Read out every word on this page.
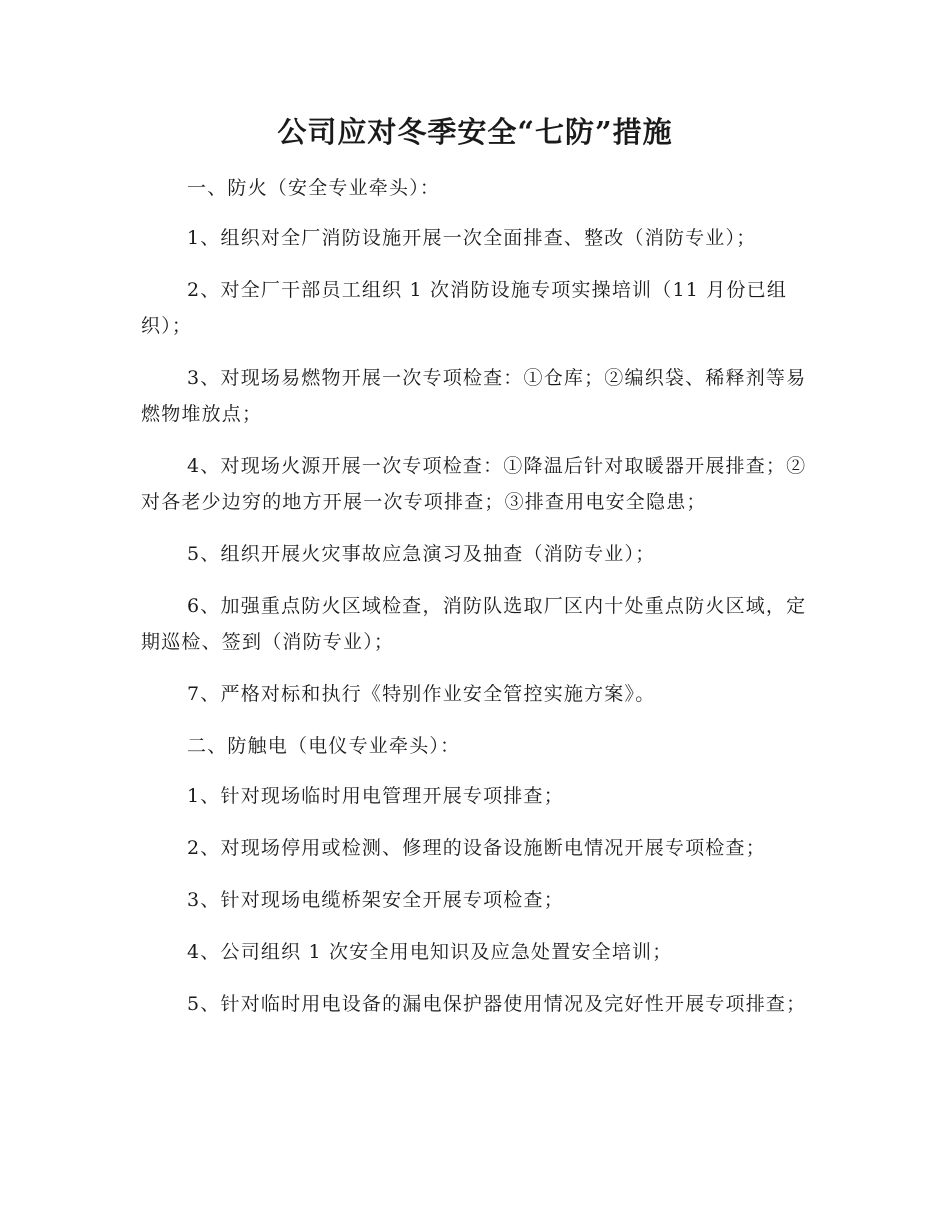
公司应对冬季安全“七防”措施

一、防火（安全专业牵头）：

1、组织对全厂消防设施开展一次全面排查、整改（消防专业）；

2、对全厂干部员工组织 1 次消防设施专项实操培训（11 月份已组织）；

3、对现场易燃物开展一次专项检查：①仓库；②编织袋、稀释剂等易燃物堆放点；

4、对现场火源开展一次专项检查：①降温后针对取暖器开展排查；②对各老少边穷的地方开展一次专项排查；③排查用电安全隐患；

5、组织开展火灾事故应急演习及抽查（消防专业）；

6、加强重点防火区域检查，消防队选取厂区内十处重点防火区域，定期巡检、签到（消防专业）；

7、严格对标和执行《特别作业安全管控实施方案》。

二、防触电（电仪专业牵头）：

1、针对现场临时用电管理开展专项排查；

2、对现场停用或检测、修理的设备设施断电情况开展专项检查；

3、针对现场电缆桥架安全开展专项检查；

4、公司组织 1 次安全用电知识及应急处置安全培训；

5、针对临时用电设备的漏电保护器使用情况及完好性开展专项排查；
